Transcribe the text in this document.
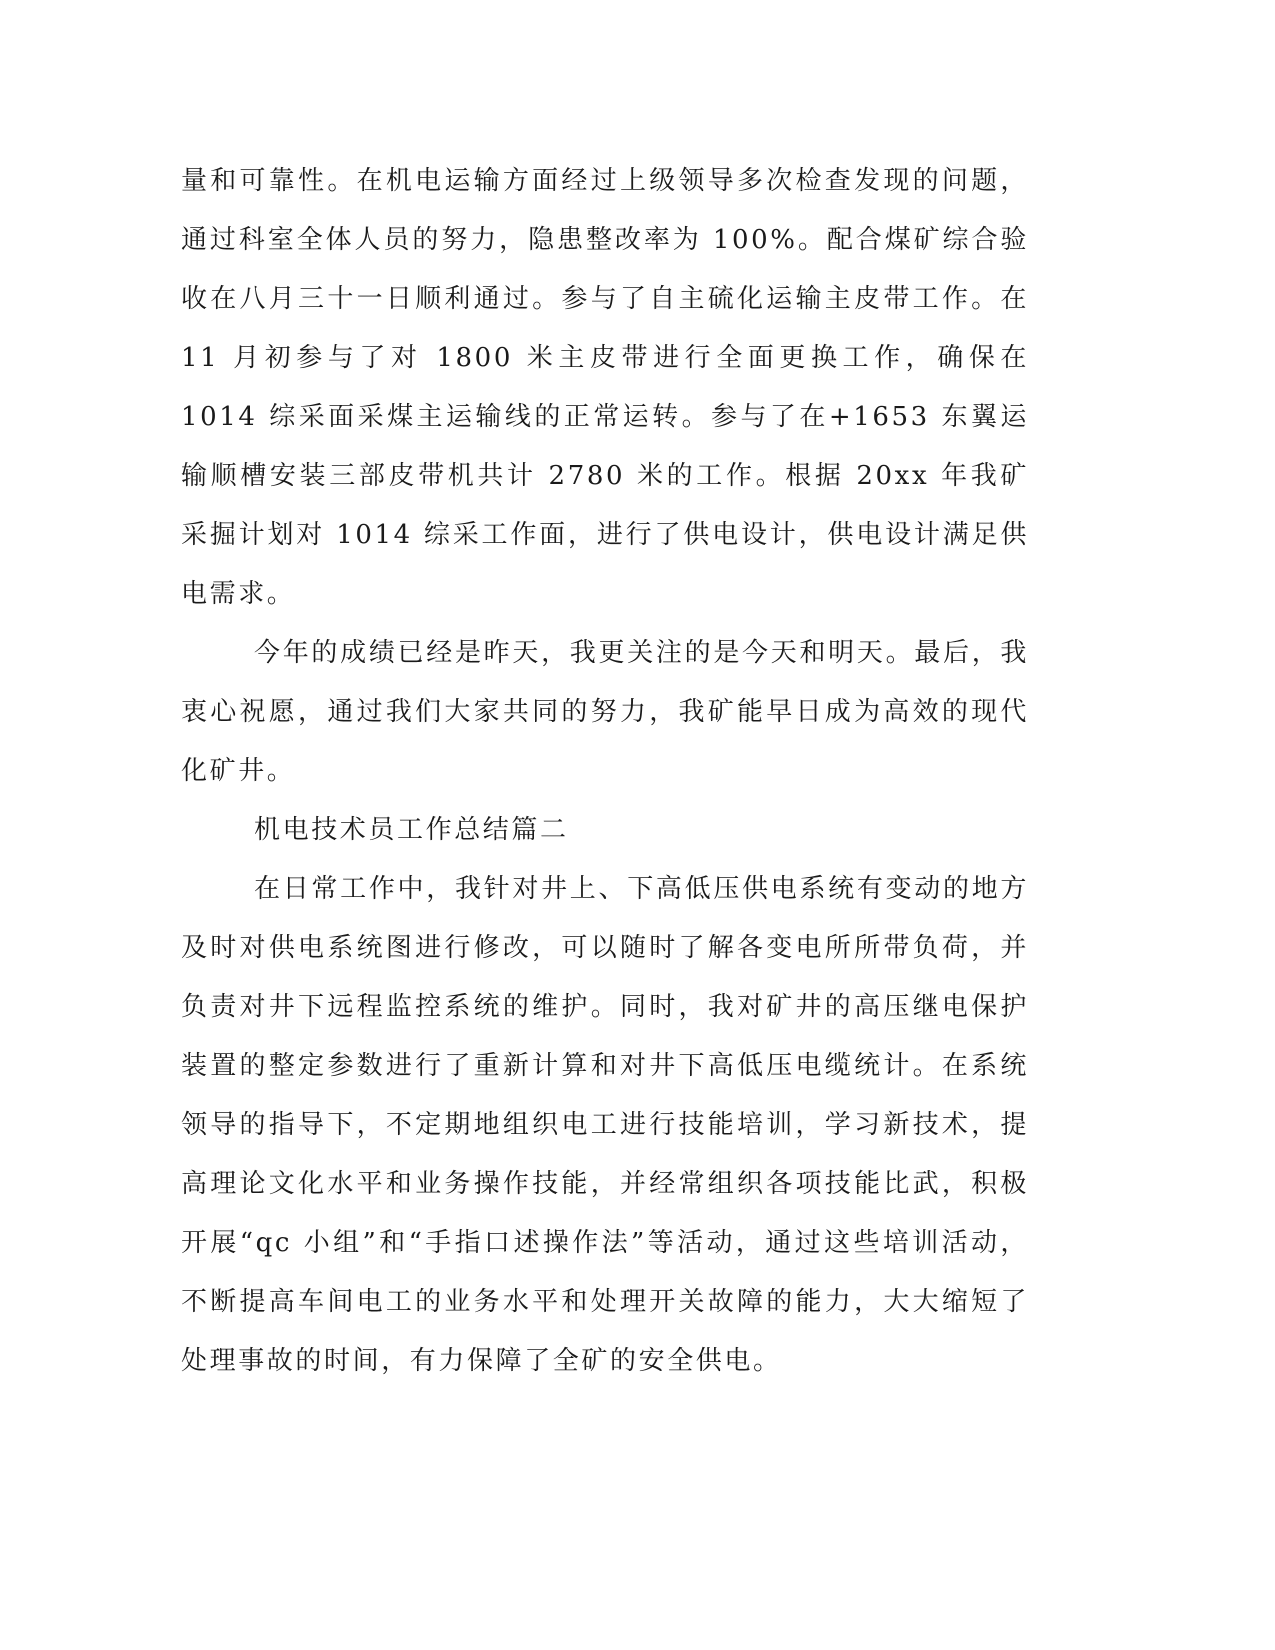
量和可靠性。在机电运输方面经过上级领导多次检查发现的问题，通过科室全体人员的努力，隐患整改率为 100%。配合煤矿综合验收在八月三十一日顺利通过。参与了自主硫化运输主皮带工作。在 11 月初参与了对 1800 米主皮带进行全面更换工作，确保在 1014 综采面采煤主运输线的正常运转。参与了在+1653 东翼运输顺槽安装三部皮带机共计 2780 米的工作。根据 20xx 年我矿采掘计划对 1014 综采工作面，进行了供电设计，供电设计满足供电需求。

今年的成绩已经是昨天，我更关注的是今天和明天。最后，我衷心祝愿，通过我们大家共同的努力，我矿能早日成为高效的现代化矿井。

机电技术员工作总结篇二

在日常工作中，我针对井上、下高低压供电系统有变动的地方及时对供电系统图进行修改，可以随时了解各变电所所带负荷，并负责对井下远程监控系统的维护。同时，我对矿井的高压继电保护装置的整定参数进行了重新计算和对井下高低压电缆统计。在系统领导的指导下，不定期地组织电工进行技能培训，学习新技术，提高理论文化水平和业务操作技能，并经常组织各项技能比武，积极开展“qc 小组”和“手指口述操作法”等活动，通过这些培训活动，不断提高车间电工的业务水平和处理开关故障的能力，大大缩短了处理事故的时间，有力保障了全矿的安全供电。
